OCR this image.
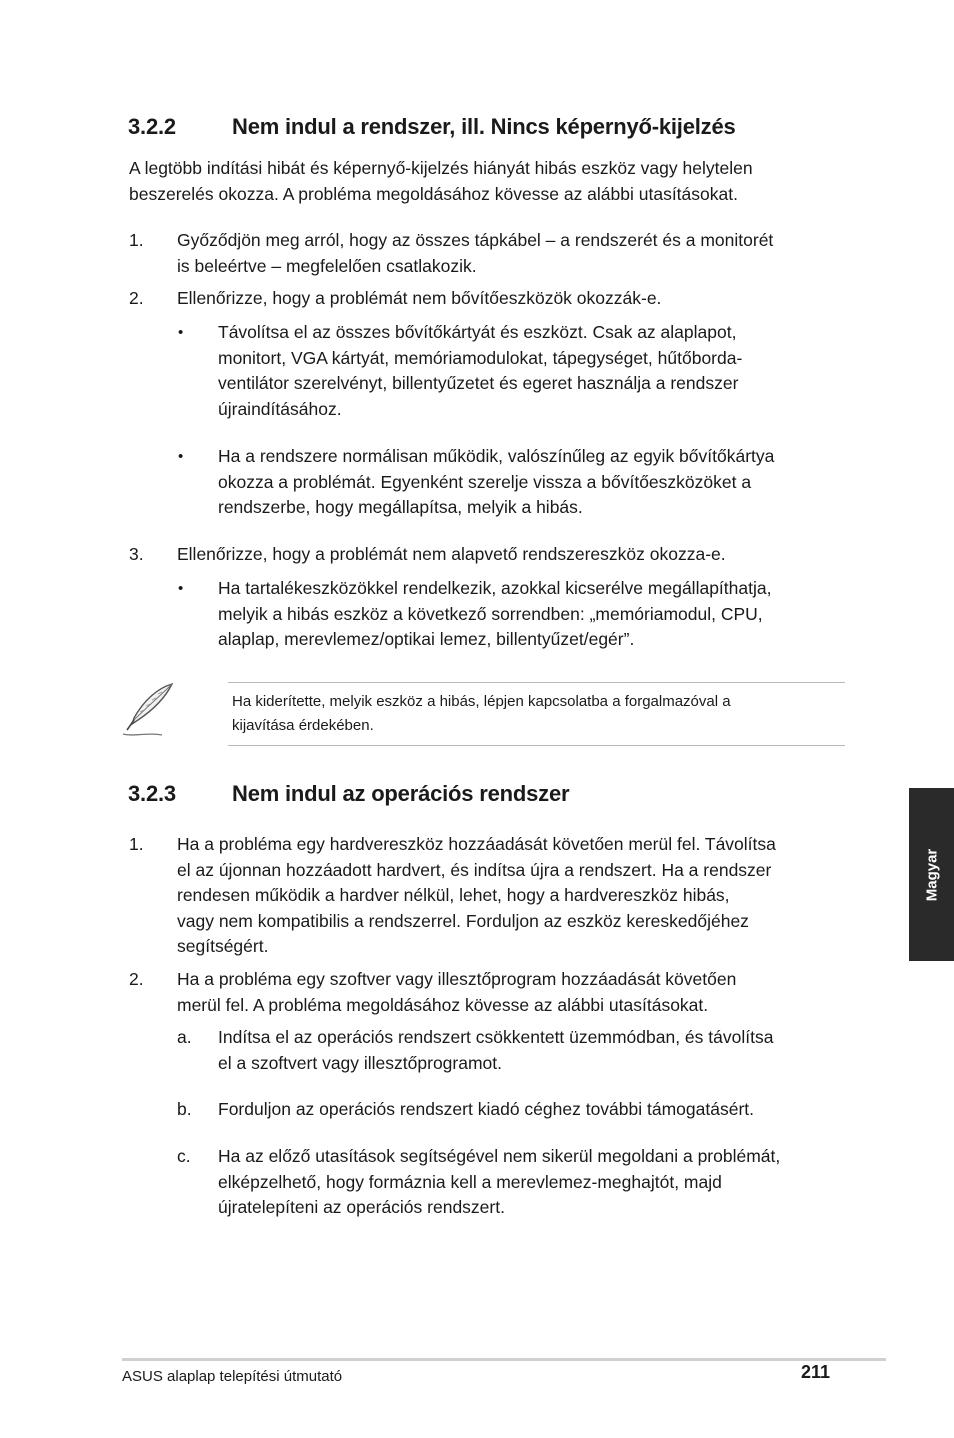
3.2.2	Nem indul a rendszer, ill. Nincs képernyő-kijelzés
A legtöbb indítási hibát és képernyő-kijelzés hiányát hibás eszköz vagy helytelen
beszerelés okozza. A probléma megoldásához kövesse az alábbi utasításokat.
1. Győződjön meg arról, hogy az összes tápkábel – a rendszerét és a monitorét
is beleértve – megfelelően csatlakozik.
2. Ellenőrizze, hogy a problémát nem bővítőeszközök okozzák-e.
• Távolítsa el az összes bővítőkártyát és eszközt. Csak az alaplapot,
monitort, VGA kártyát, memóriamodulokat, tápegységet, hűtőborda-
ventilátor szerelvényt, billentyűzetet és egeret használja a rendszer
újraindításához.
• Ha a rendszere normálisan működik, valószínűleg az egyik bővítőkártya
okozza a problémát. Egyenként szerelje vissza a bővítőeszközöket a
rendszerbe, hogy megállapítsa, melyik a hibás.
3. Ellenőrizze, hogy a problémát nem alapvető rendszereszköz okozza-e.
• Ha tartalékeszközökkel rendelkezik, azokkal kicserélve megállapíthatja,
melyik a hibás eszköz a következő sorrendben: „memóriamodul, CPU,
alaplap, merevlemez/optikai lemez, billentyűzet/egér”.
Ha kiderítette, melyik eszköz a hibás, lépjen kapcsolatba a forgalmazóval a
kijavítása érdekében.
3.2.3	Nem indul az operációs rendszer
1. Ha a probléma egy hardvereszköz hozzáadását követően merül fel. Távolítsa
el az újonnan hozzáadott hardvert, és indítsa újra a rendszert. Ha a rendszer
rendesen működik a hardver nélkül, lehet, hogy a hardvereszköz hibás,
vagy nem kompatibilis a rendszerrel. Forduljon az eszköz kereskedőjéhez
segítségért.
2. Ha a probléma egy szoftver vagy illesztőprogram hozzáadását követően
merül fel. A probléma megoldásához kövesse az alábbi utasításokat.
a. Indítsa el az operációs rendszert csökkentett üzemmódban, és távolítsa
el a szoftvert vagy illesztőprogramot.
b. Forduljon az operációs rendszert kiadó céghez további támogatásért.
c. Ha az előző utasítások segítségével nem sikerül megoldani a problémát,
elképzelhető, hogy formáznia kell a merevlemez-meghajtót, majd
újratelepíteni az operációs rendszert.
Magyar
ASUS alaplap telepítési útmutató	211
